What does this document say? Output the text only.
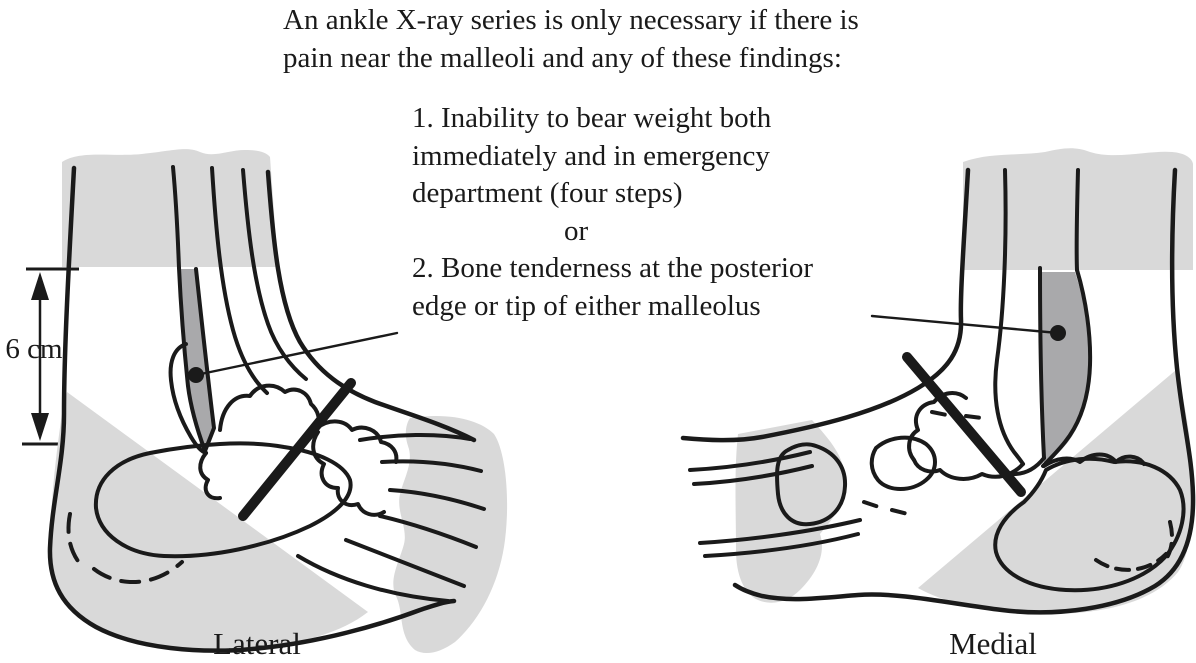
An ankle X-ray series is only necessary if there is
pain near the malleoli and any of these findings:
1. Inability to bear weight both
immediately and in emergency
department (four steps)
or
2. Bone tenderness at the posterior
edge or tip of either malleolus
6 cm
Lateral	Medial
